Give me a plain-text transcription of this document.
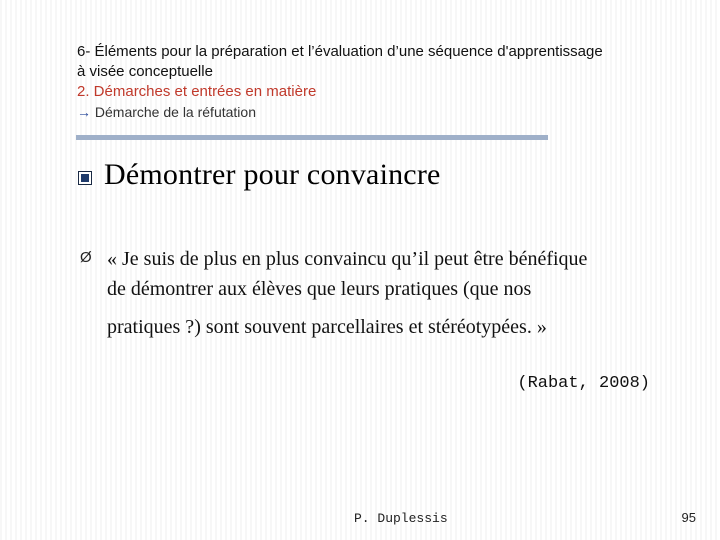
6- Éléments pour la préparation et l’évaluation d’une séquence d'apprentissage
à visée conceptuelle
2. Démarches et entrées en matière
→ Démarche de la réfutation
Démontrer pour convaincre
Ø « Je suis de plus en plus convaincu qu’il peut être bénéfique
de démontrer aux élèves que leurs pratiques (que nos
pratiques ?) sont souvent parcellaires et stéréotypées. »
(Rabat, 2008)
P. Duplessis	95
